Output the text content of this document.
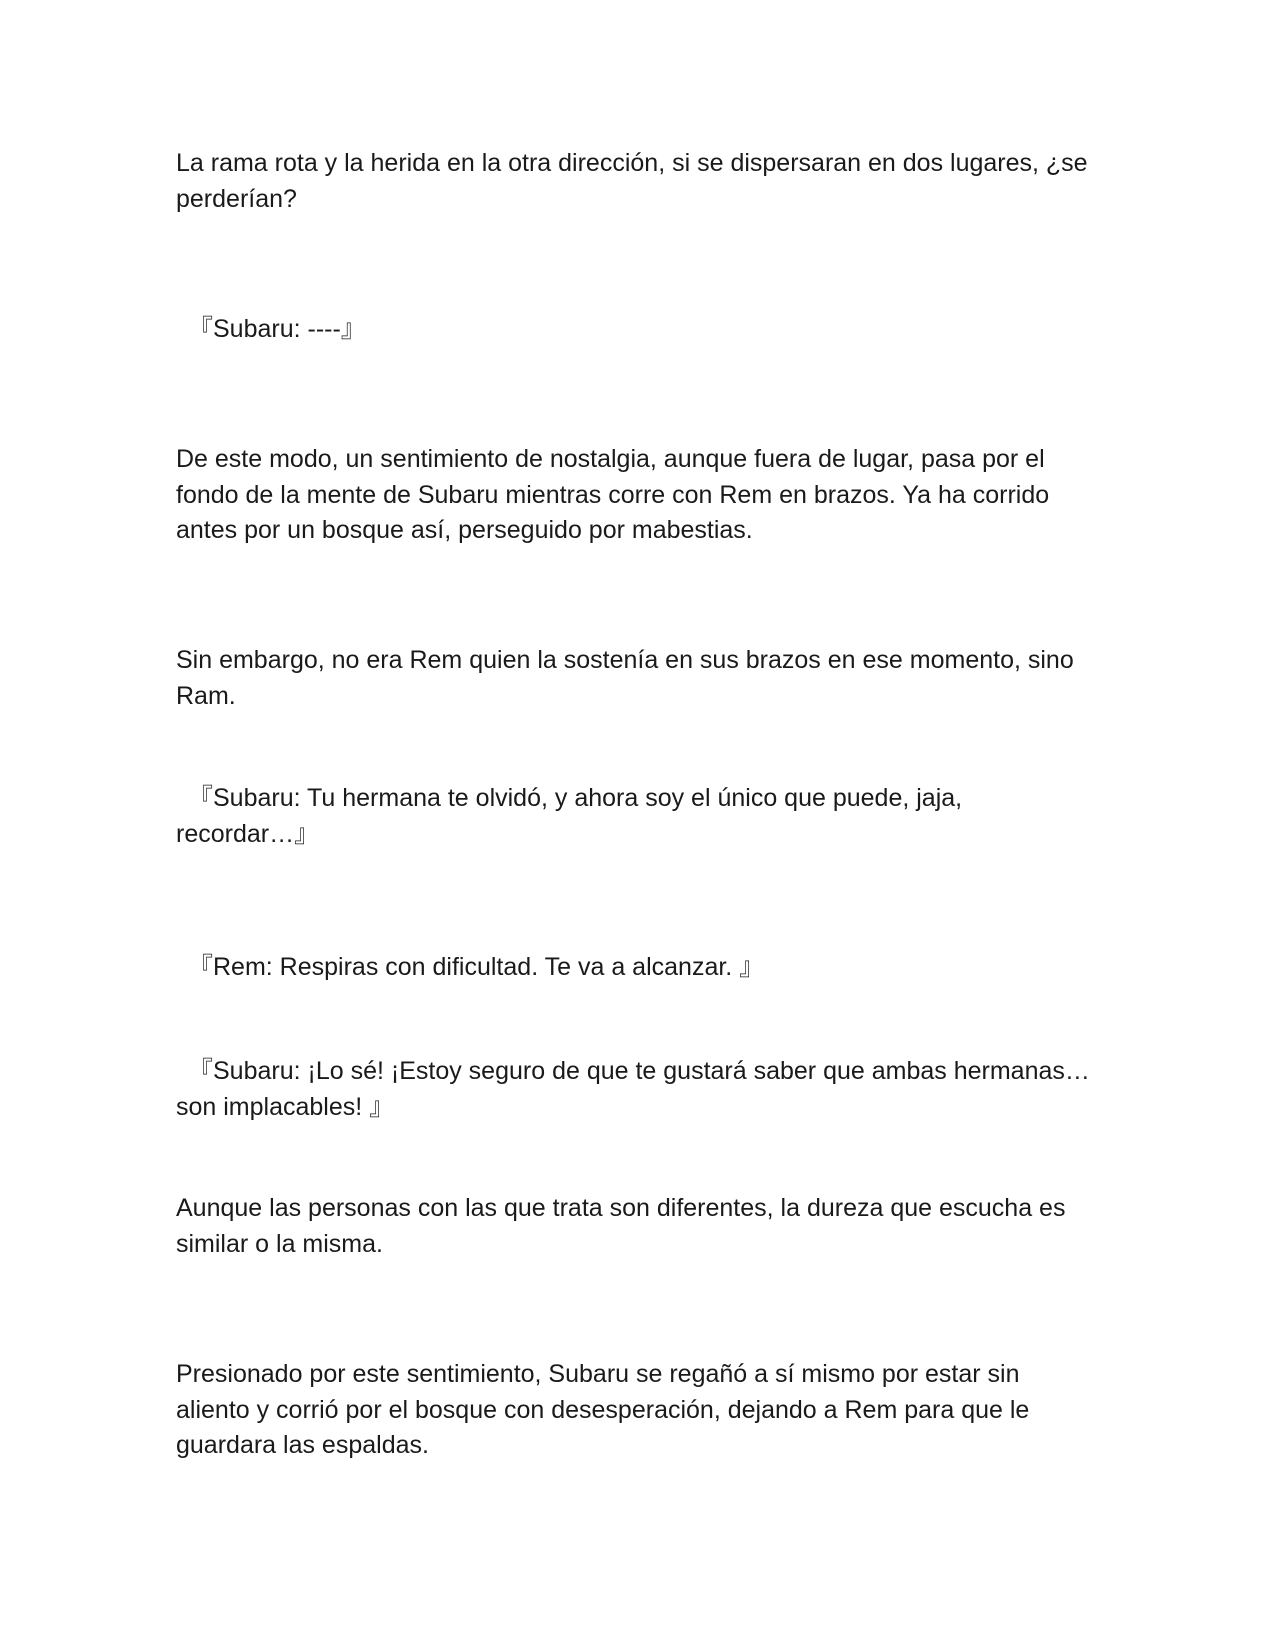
La rama rota y la herida en la otra dirección, si se dispersaran en dos lugares, ¿se perderían?

『Subaru: ----』

De este modo, un sentimiento de nostalgia, aunque fuera de lugar, pasa por el fondo de la mente de Subaru mientras corre con Rem en brazos. Ya ha corrido antes por un bosque así, perseguido por mabestias.

Sin embargo, no era Rem quien la sostenía en sus brazos en ese momento, sino Ram.

『Subaru: Tu hermana te olvidó, y ahora soy el único que puede, jaja, recordar…』

『Rem: Respiras con dificultad. Te va a alcanzar. 』

『Subaru: ¡Lo sé! ¡Estoy seguro de que te gustará saber que ambas hermanas… son implacables! 』

Aunque las personas con las que trata son diferentes, la dureza que escucha es similar o la misma.

Presionado por este sentimiento, Subaru se regañó a sí mismo por estar sin aliento y corrió por el bosque con desesperación, dejando a Rem para que le guardara las espaldas.
